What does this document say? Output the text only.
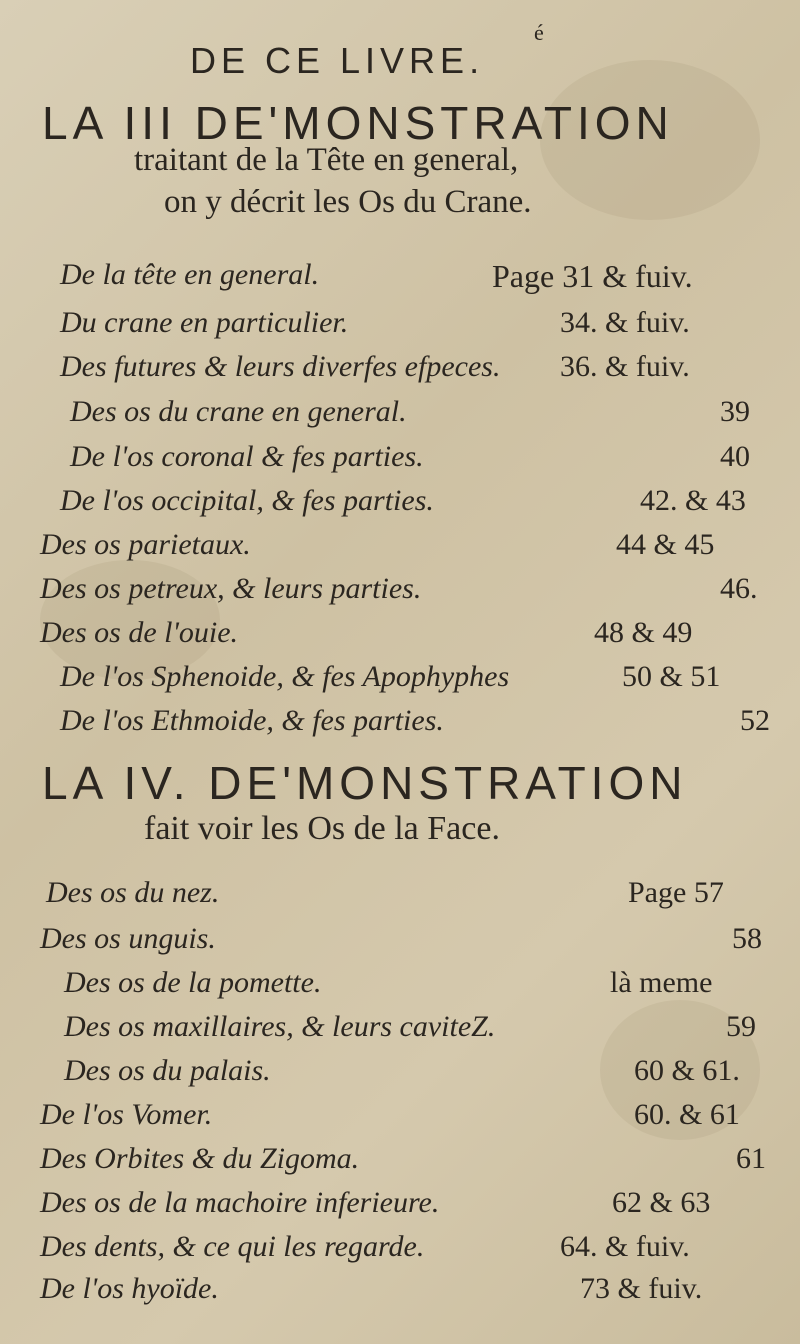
DE CE LIVRE.
é
LA III DE'MONSTRATION
traitant de la Tête en general,
on y décrit les Os du Crane.
De la tête en general.	Page 31 & fuiv.
Du crane en particulier.	34. & fuiv.
Des futures & leurs diverfes efpeces. 36. & fuiv.
Des os du crane en general.	39
De l'os coronal & fes parties.	40
De l'os occipital, & fes parties.	42. & 43
Des os parietaux.	44 & 45
Des os petreux, & leurs parties.	46.
Des os de l'ouie.	48 & 49
De l'os Sphenoide, & fes Apophyphes	50 & 51
De l'os Ethmoide, & fes parties.	52
LA IV. DE'MONSTRATION
fait voir les Os de la Face.
Des os du nez.	Page 57
Des os unguis.	58
Des os de la pomette.	là meme
Des os maxillaires, & leurs caviteZ.	59
Des os du palais.	60 & 61.
De l'os Vomer.	60. & 61
Des Orbites & du Zigoma.	61
Des os de la machoire inferieure.	62 & 63
Des dents, & ce qui les regarde.	64. & fuiv.
De l'os hyoïde.	73 & fuiv.
